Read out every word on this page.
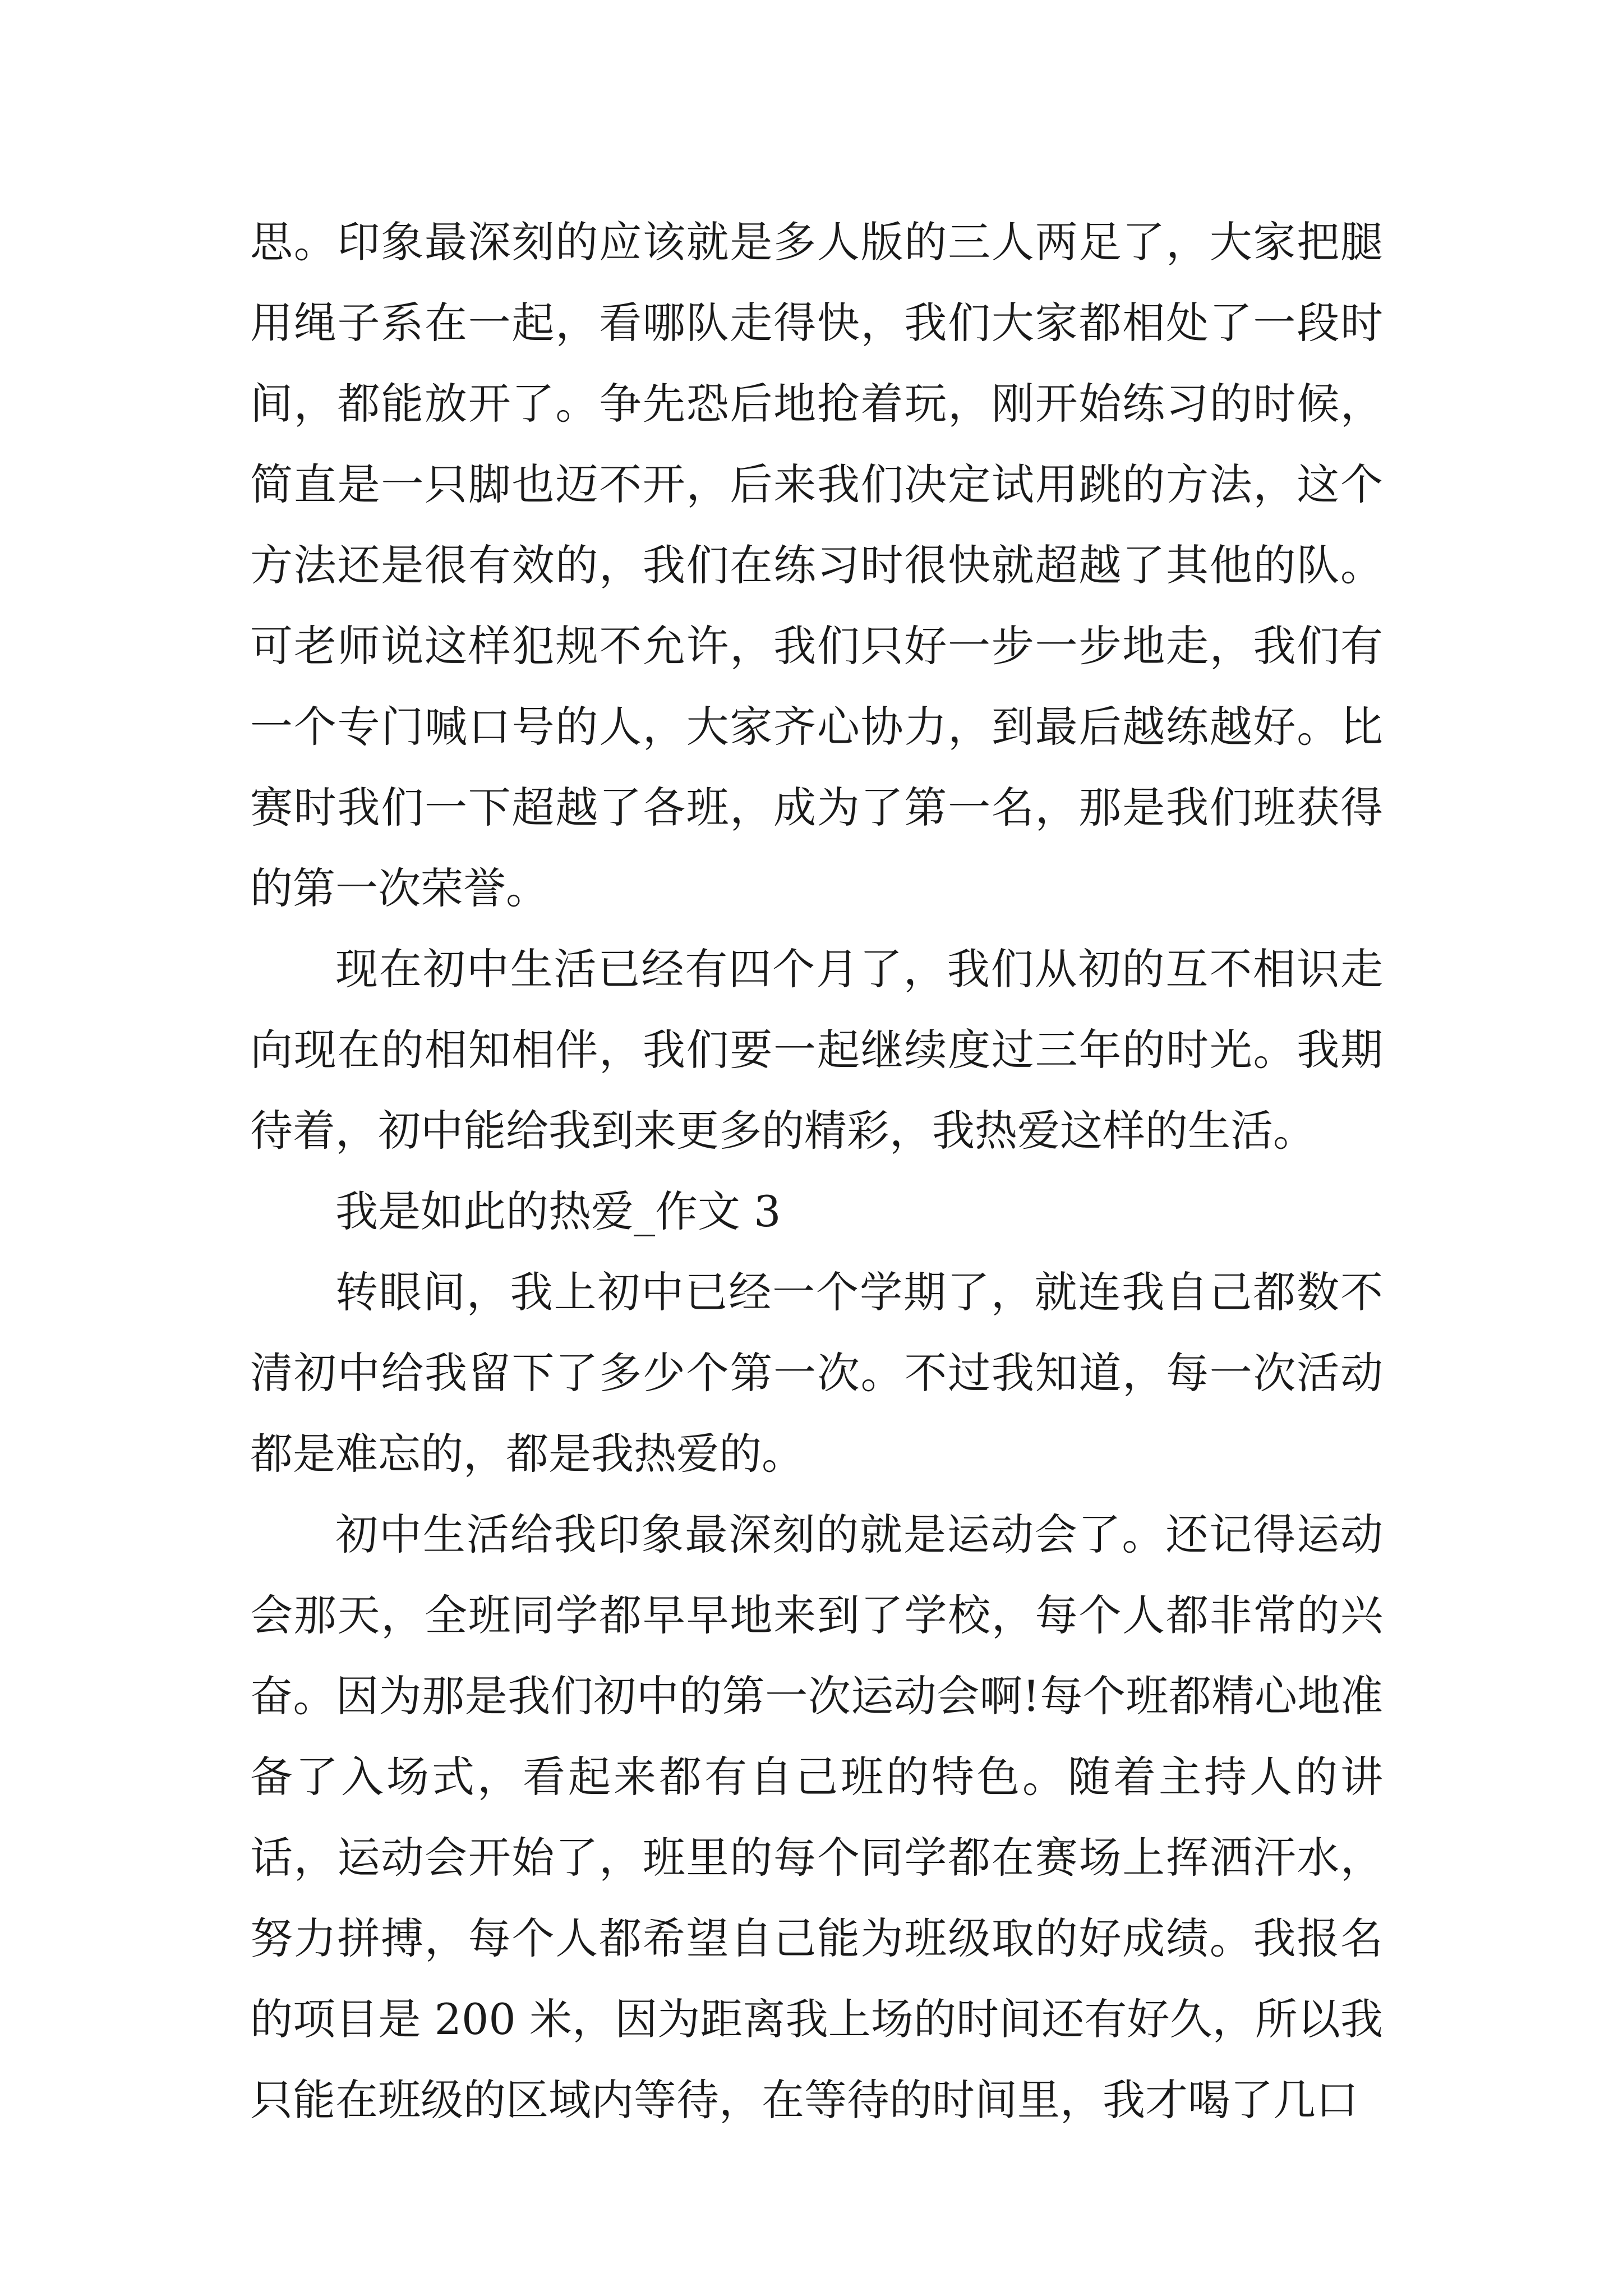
思。印象最深刻的应该就是多人版的三人两足了，大家把腿用绳子系在一起，看哪队走得快，我们大家都相处了一段时间，都能放开了。争先恐后地抢着玩，刚开始练习的时候，简直是一只脚也迈不开，后来我们决定试用跳的方法，这个方法还是很有效的，我们在练习时很快就超越了其他的队。可老师说这样犯规不允许，我们只好一步一步地走，我们有一个专门喊口号的人，大家齐心协力，到最后越练越好。比赛时我们一下超越了各班，成为了第一名，那是我们班获得的第一次荣誉。

现在初中生活已经有四个月了，我们从初的互不相识走向现在的相知相伴，我们要一起继续度过三年的时光。我期待着，初中能给我到来更多的精彩，我热爱这样的生活。

我是如此的热爱_作文 3

转眼间，我上初中已经一个学期了，就连我自己都数不清初中给我留下了多少个第一次。不过我知道，每一次活动都是难忘的，都是我热爱的。

初中生活给我印象最深刻的就是运动会了。还记得运动会那天，全班同学都早早地来到了学校，每个人都非常的兴奋。因为那是我们初中的第一次运动会啊!每个班都精心地准备了入场式，看起来都有自己班的特色。随着主持人的讲话，运动会开始了，班里的每个同学都在赛场上挥洒汗水，努力拼搏，每个人都希望自己能为班级取的好成绩。我报名的项目是 200 米，因为距离我上场的时间还有好久，所以我只能在班级的区域内等待，在等待的时间里，我才喝了几口
